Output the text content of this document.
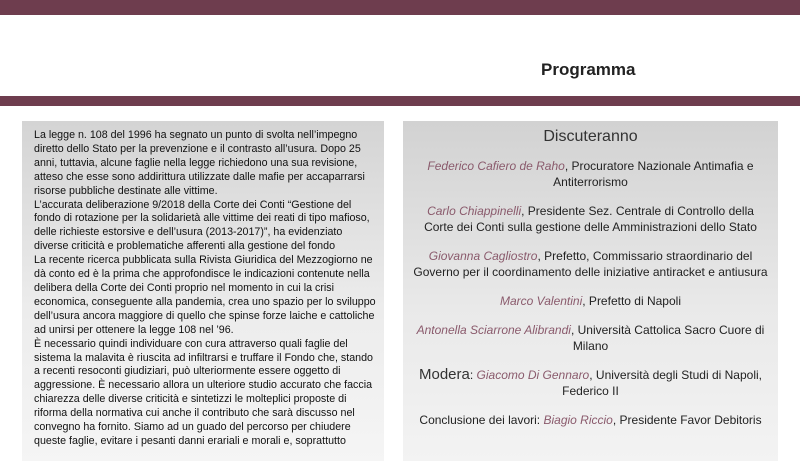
Programma

La legge n. 108 del 1996 ha segnato un punto di svolta nell’impegno diretto dello Stato per la prevenzione e il contrasto all’usura. Dopo 25 anni, tuttavia, alcune faglie nella legge richiedono una sua revisione, atteso che esse sono addirittura utilizzate dalle mafie per accaparrarsi risorse pubbliche destinate alle vittime.

L’accurata deliberazione 9/2018 della Corte dei Conti “Gestione del fondo di rotazione per la solidarietà alle vittime dei reati di tipo mafioso, delle richieste estorsive e dell’usura (2013-2017)”, ha evidenziato diverse criticità e problematiche afferenti alla gestione del fondo

La recente ricerca pubblicata sulla Rivista Giuridica del Mezzogiorno ne dà conto ed è la prima che approfondisce le indicazioni contenute nella delibera della Corte dei Conti proprio nel momento in cui la crisi economica, conseguente alla pandemia, crea uno spazio per lo sviluppo dell’usura ancora maggiore di quello che spinse forze laiche e cattoliche ad unirsi per ottenere la legge 108 nel ’96.

È necessario quindi individuare con cura attraverso quali faglie del sistema la malavita è riuscita ad infiltrarsi e truffare il Fondo che, stando a recenti resoconti giudiziari, può ulteriormente essere oggetto di aggressione. È necessario allora un ulteriore studio accurato che faccia chiarezza delle diverse criticità e sintetizzi le molteplici proposte di riforma della normativa cui anche il contributo che sarà discusso nel convegno ha fornito. Siamo ad un guado del percorso per chiudere queste faglie, evitare i pesanti danni erariali e morali e, soprattutto

Discuteranno
Federico Cafiero de Raho, Procuratore Nazionale Antimafia e Antiterrorismo
Carlo Chiappinelli, Presidente Sez. Centrale di Controllo della Corte dei Conti sulla gestione delle Amministrazioni dello Stato
Giovanna Cagliostro, Prefetto, Commissario straordinario del Governo per il coordinamento delle iniziative antiracket e antiusura
Marco Valentini, Prefetto di Napoli
Antonella Sciarrone Alibrandi, Università Cattolica Sacro Cuore di Milano
Modera: Giacomo Di Gennaro, Università degli Studi di Napoli, Federico II
Conclusione dei lavori: Biagio Riccio, Presidente Favor Debitoris
